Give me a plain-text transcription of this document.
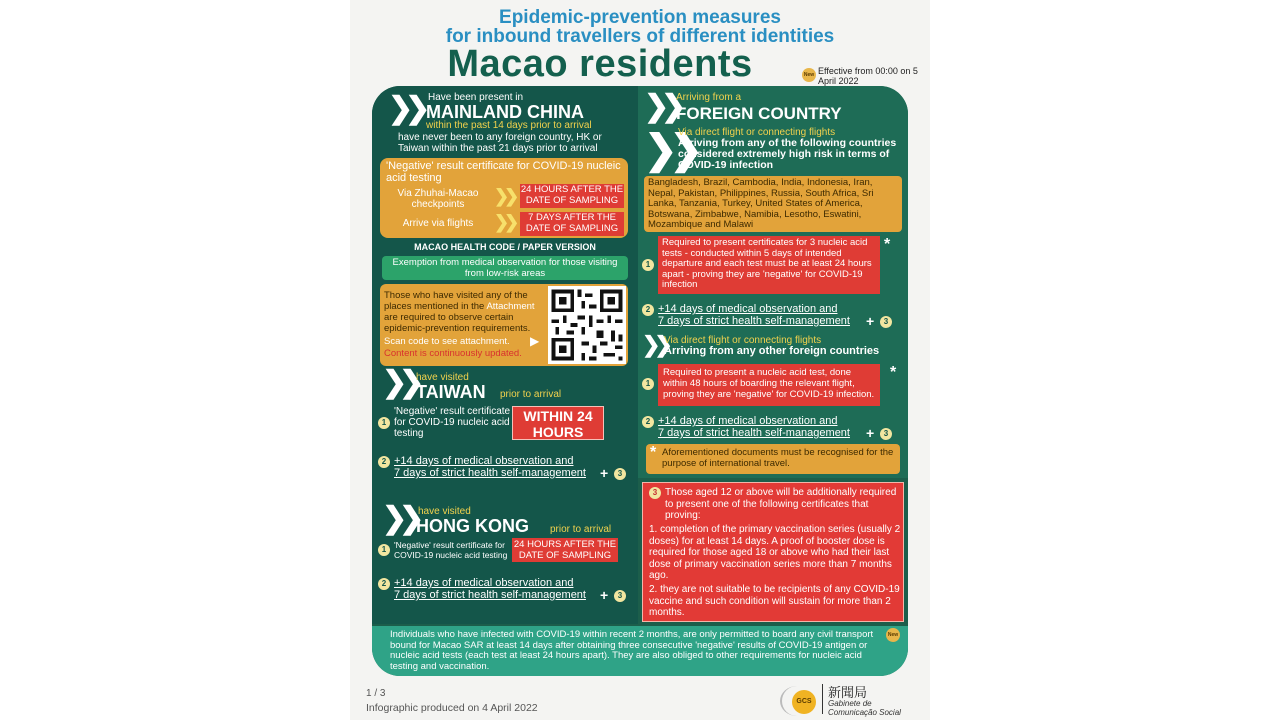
Epidemic-prevention measures
for inbound travellers of different identities
Macao residents	New Effective from 00:00 on 5 April 2022
❯❯ Have been present in
MAINLAND CHINA
within the past 14 days prior to arrival
have never been to any foreign country, HK or Taiwan within the past 21 days prior to arrival
'Negative' result certificate for COVID-19 nucleic acid testing
Via Zhuhai-Macao checkpoints	❯❯ 24 HOURS AFTER THE DATE OF SAMPLING
Arrive via flights	❯❯	7 DAYS AFTER THE DATE OF SAMPLING
MACAO HEALTH CODE / PAPER VERSION
Exemption from medical observation for those visiting from low-risk areas
Those who have visited any of the places mentioned in the Attachment are required to observe certain epidemic-prevention requirements.
Scan code to see attachment. ▶
Content is continuously updated.
❯❯ have visited
TAIWAN prior to arrival
1
'Negative' result certificate for COVID-19 nucleic acid testing
WITHIN 24 HOURS
2 +14 days of medical observation and
7 days of strict health self-management +	3
❯❯ have visited
HONG KONG prior to arrival
1 'Negative' result certificate for COVID-19 nucleic acid testing
24 HOURS AFTER THE DATE OF SAMPLING
2 +14 days of medical observation and
7 days of strict health self-management +	3
❯❯
Arriving from a
FOREIGN COUNTRY
❯❯
Via direct flight or connecting flights
Arriving from any of the following countries considered extremely high risk in terms of COVID-19 infection
Bangladesh, Brazil, Cambodia, India, Indonesia, Iran, Nepal, Pakistan, Philippines, Russia, South Africa, Sri Lanka, Tanzania, Turkey, United States of America, Botswana, Zimbabwe, Namibia, Lesotho, Eswatini, Mozambique and Malawi
1
Required to present certificates for 3 nucleic acid tests - conducted within 5 days of intended departure and each test must be at least 24 hours apart - proving they are 'negative' for COVID-19 infection
*
2 +14 days of medical observation and
7 days of strict health self-management +	3
❯❯
Via direct flight or connecting flights
Arriving from any other foreign countries
1
Required to present a nucleic acid test, done within 48 hours of boarding the relevant flight, proving they are 'negative' for COVID-19 infection.
*
2 +14 days of medical observation and
7 days of strict health self-management +	3
* Aforementioned documents must be recognised for the purpose of international travel.
3 Those aged 12 or above will be additionally required to present one of the following certificates that proving:
1. completion of the primary vaccination series (usually 2 doses) for at least 14 days. A proof of booster dose is required for those aged 18 or above who had their last dose of primary vaccination series more than 7 months ago.
2. they are not suitable to be recipients of any COVID-19 vaccine and such condition will sustain for more than 2 months.
Individuals who have infected with COVID-19 within recent 2 months, are only permitted to board any civil transport bound for Macao SAR at least 14 days after obtaining three consecutive 'negative' results of COVID-19 antigen or nucleic acid tests (each test at least 24 hours apart). They are also obliged to other requirements for nucleic acid testing and vaccination.
New
1 / 3
Infographic produced on 4 April 2022
GCS
新聞局
Gabinete de
Comunicação Social
